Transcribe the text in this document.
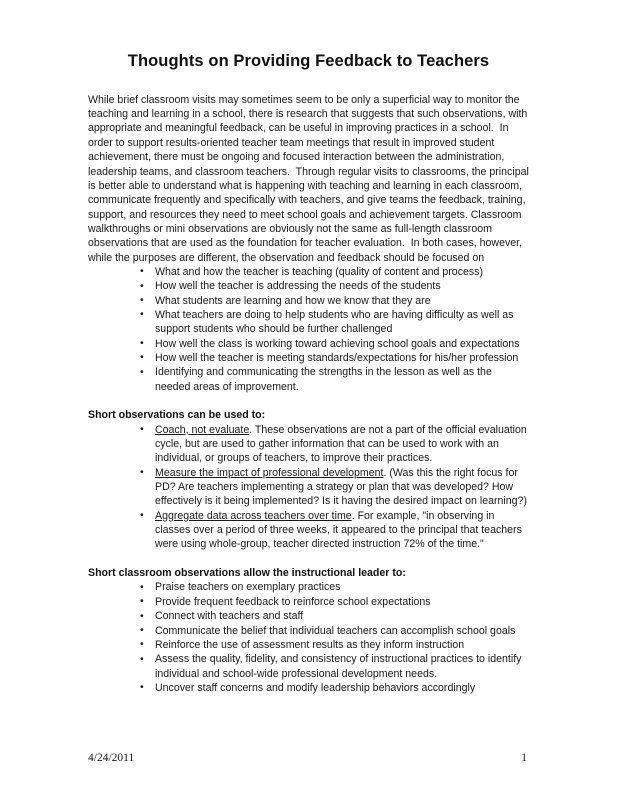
Thoughts on Providing Feedback to Teachers

While brief classroom visits may sometimes seem to be only a superficial way to monitor the teaching and learning in a school, there is research that suggests that such observations, with appropriate and meaningful feedback, can be useful in improving practices in a school.  In order to support results-oriented teacher team meetings that result in improved student achievement, there must be ongoing and focused interaction between the administration, leadership teams, and classroom teachers.  Through regular visits to classrooms, the principal is better able to understand what is happening with teaching and learning in each classroom, communicate frequently and specifically with teachers, and give teams the feedback, training, support, and resources they need to meet school goals and achievement targets. Classroom walkthroughs or mini observations are obviously not the same as full-length classroom observations that are used as the foundation for teacher evaluation.  In both cases, however, while the purposes are different, the observation and feedback should be focused on

• What and how the teacher is teaching (quality of content and process)
• How well the teacher is addressing the needs of the students
• What students are learning and how we know that they are
• What teachers are doing to help students who are having difficulty as well as support students who should be further challenged
• How well the class is working toward achieving school goals and expectations
• How well the teacher is meeting standards/expectations for his/her profession
• Identifying and communicating the strengths in the lesson as well as the needed areas of improvement.
Short observations can be used to:
• Coach, not evaluate. These observations are not a part of the official evaluation cycle, but are used to gather information that can be used to work with an individual, or groups of teachers, to improve their practices.
• Measure the impact of professional development. (Was this the right focus for PD? Are teachers implementing a strategy or plan that was developed? How effectively is it being implemented? Is it having the desired impact on learning?)
• Aggregate data across teachers over time. For example, "in observing in classes over a period of three weeks, it appeared to the principal that teachers were using whole-group, teacher directed instruction 72% of the time."
Short classroom observations allow the instructional leader to:
• Praise teachers on exemplary practices
• Provide frequent feedback to reinforce school expectations
• Connect with teachers and staff
• Communicate the belief that individual teachers can accomplish school goals
• Reinforce the use of assessment results as they inform instruction
• Assess the quality, fidelity, and consistency of instructional practices to identify individual and school-wide professional development needs.
• Uncover staff concerns and modify leadership behaviors accordingly
4/24/2011	1
